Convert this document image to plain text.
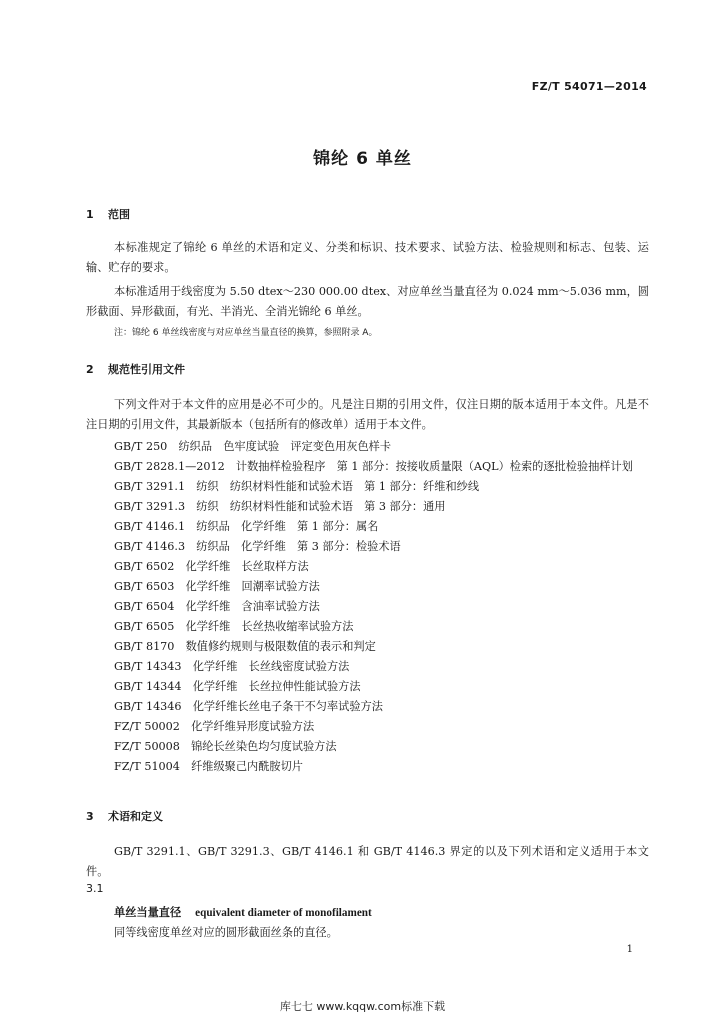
FZ/T 54071—2014
锦纶 6 单丝
1 范围
本标准规定了锦纶 6 单丝的术语和定义、分类和标识、技术要求、试验方法、检验规则和标志、包装、运输、贮存的要求。
本标准适用于线密度为 5.50 dtex～230 000.00 dtex、对应单丝当量直径为 0.024 mm～5.036 mm，圆形截面、异形截面，有光、半消光、全消光锦纶 6 单丝。
注：锦纶 6 单丝线密度与对应单丝当量直径的换算，参照附录 A。
2 规范性引用文件
下列文件对于本文件的应用是必不可少的。凡是注日期的引用文件，仅注日期的版本适用于本文件。凡是不注日期的引用文件，其最新版本（包括所有的修改单）适用于本文件。
GB/T 250　纺织品　色牢度试验　评定变色用灰色样卡
GB/T 2828.1—2012　计数抽样检验程序　第 1 部分：按接收质量限（AQL）检索的逐批检验抽样计划
GB/T 3291.1　纺织　纺织材料性能和试验术语　第 1 部分：纤维和纱线
GB/T 3291.3　纺织　纺织材料性能和试验术语　第 3 部分：通用
GB/T 4146.1　纺织品　化学纤维　第 1 部分：属名
GB/T 4146.3　纺织品　化学纤维　第 3 部分：检验术语
GB/T 6502　化学纤维　长丝取样方法
GB/T 6503　化学纤维　回潮率试验方法
GB/T 6504　化学纤维　含油率试验方法
GB/T 6505　化学纤维　长丝热收缩率试验方法
GB/T 8170　数值修约规则与极限数值的表示和判定
GB/T 14343　化学纤维　长丝线密度试验方法
GB/T 14344　化学纤维　长丝拉伸性能试验方法
GB/T 14346　化学纤维长丝电子条干不匀率试验方法
FZ/T 50002　化学纤维异形度试验方法
FZ/T 50008　锦纶长丝染色均匀度试验方法
FZ/T 51004　纤维级聚己内酰胺切片
3 术语和定义
GB/T 3291.1、GB/T 3291.3、GB/T 4146.1 和 GB/T 4146.3 界定的以及下列术语和定义适用于本文件。
3.1
单丝当量直径 equivalent diameter of monofilament
同等线密度单丝对应的圆形截面丝条的直径。
1
库七七 www.kqqw.com标准下载
